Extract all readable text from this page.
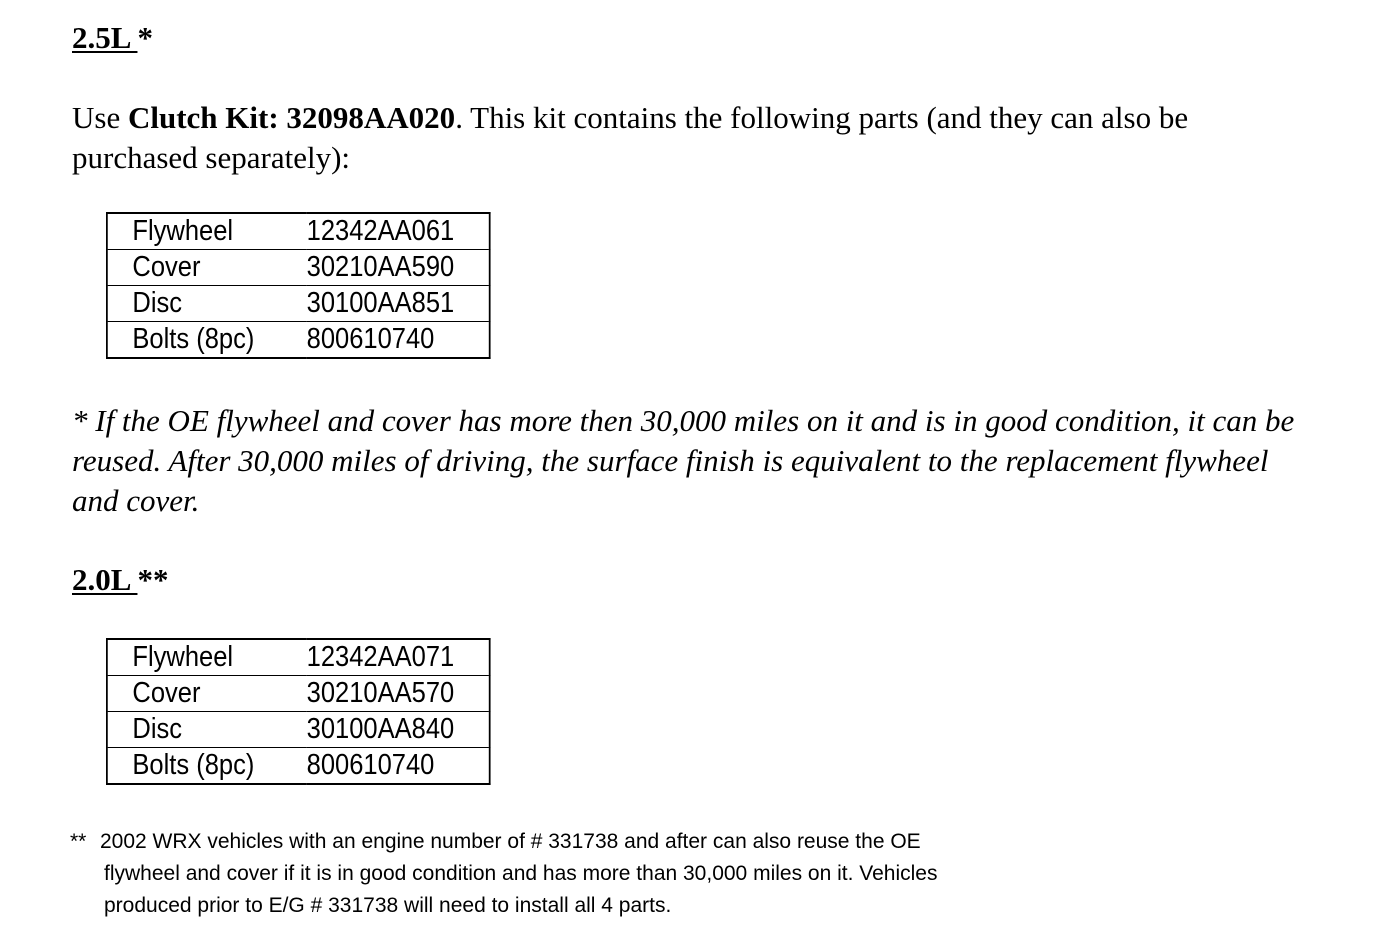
2.5L *
Use Clutch Kit: 32098AA020. This kit contains the following parts (and they can also be purchased separately):
Flywheel	12342AA061
Cover	30210AA590
Disc	30100AA851
Bolts (8pc)	800610740
* If the OE flywheel and cover has more then 30,000 miles on it and is in good condition, it can be reused. After 30,000 miles of driving, the surface finish is equivalent to the replacement flywheel and cover.
2.0L **
Flywheel	12342AA071
Cover	30210AA570
Disc	30100AA840
Bolts (8pc)	800610740
** 2002 WRX vehicles with an engine number of # 331738 and after can also reuse the OE
flywheel and cover if it is in good condition and has more than 30,000 miles on it. Vehicles
produced prior to E/G # 331738 will need to install all 4 parts.
